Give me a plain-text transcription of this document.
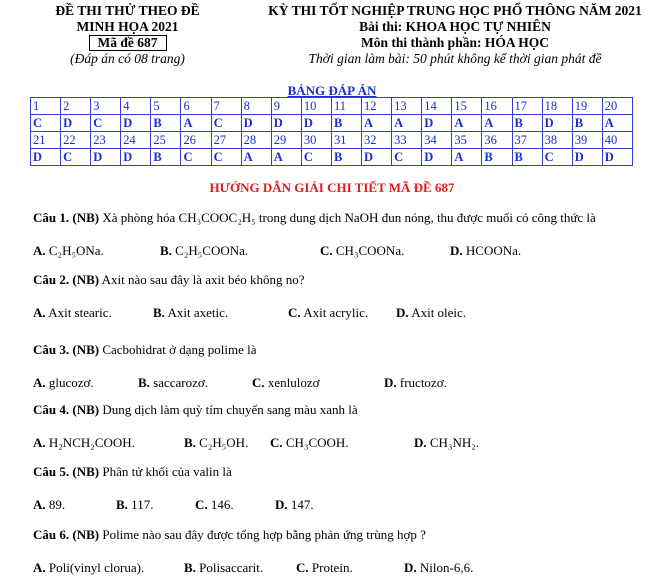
ĐỀ THI THỬ THEO ĐỀ
MINH HỌA 2021
Mã đề 687
(Đáp án có 08 trang)
KỲ THI TỐT NGHIỆP TRUNG HỌC PHỔ THÔNG NĂM 2021
Bài thi: KHOA HỌC TỰ NHIÊN
Môn thi thành phần: HÓA HỌC
Thời gian làm bài: 50 phút không kể thời gian phát đề
BẢNG ĐÁP ÁN
1	2	3	4	5	6	7	8	9	10	11	12	13	14	15	16	17	18	19	20
C	D	C	D	B	A	C	D	D	D	B	A	A	D	A	A	B	D	B	A
21	22	23	24	25	26	27	28	29	30	31	32	33	34	35	36	37	38	39	40
D	C	D	D	B	C	C	A	A	C	B	D	C	D	A	B	B	C	D	D
HƯỚNG DẪN GIẢI CHI TIẾT MÃ ĐỀ 687
Câu 1. (NB) Xà phòng hóa CH₃COOC₂H₅ trong dung dịch NaOH đun nóng, thu được muối có công thức là
A. C₂H₅ONa.	B. C₂H₅COONa.	C. CH₃COONa.	D. HCOONa.
Câu 2. (NB) Axit nào sau đây là axit béo không no?
A. Axit stearic.	B. Axit axetic.	C. Axit acrylic. D. Axit oleic.
Câu 3. (NB) Cacbohidrat ở dạng polime là
A. glucozơ.	B. saccarozơ.	C. xenlulozơ	D. fructozơ.
Câu 4. (NB) Dung dịch làm quỳ tím chuyển sang màu xanh là
A. H₂NCH₂COOH.	B. C₂H₅OH. C. CH₃COOH.	D. CH₃NH₂.
Câu 5. (NB) Phân tử khối của valin là
A. 89.	B. 117.	C. 146.	D. 147.
Câu 6. (NB) Polime nào sau đây được tổng hợp bằng phản ứng trùng hợp ?
A. Poli(vinyl clorua).	B. Polisaccarit.	C. Protein.	D. Nilon-6,6.
